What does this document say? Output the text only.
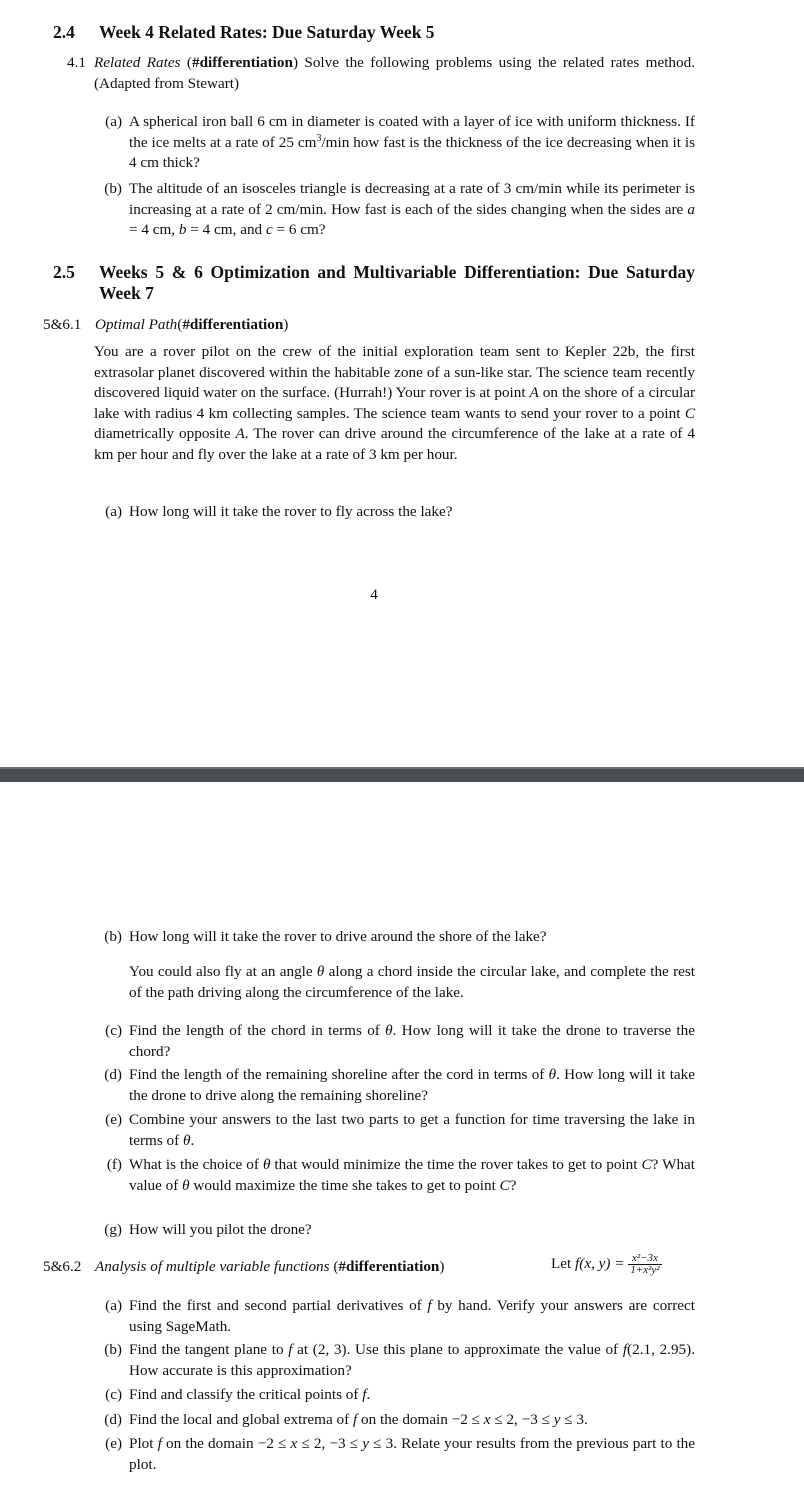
2.4 Week 4 Related Rates: Due Saturday Week 5
4.1 Related Rates (#differentiation) Solve the following problems using the related rates method. (Adapted from Stewart)
(a) A spherical iron ball 6 cm in diameter is coated with a layer of ice with uniform thickness. If the ice melts at a rate of 25 $cm^3/\min$ how fast is the thickness of the ice decreasing when it is 4 cm thick?
(b) The altitude of an isosceles triangle is decreasing at a rate of 3 cm/min while its perimeter is increasing at a rate of 2 cm/min. How fast is each of the sides changing when the sides are a = 4 cm, b = 4 cm, and c = 6 cm?
2.5 Weeks 5 & 6 Optimization and Multivariable Differentiation: Due Saturday Week 7
5&6.1 Optimal Path(#differentiation)
You are a rover pilot on the crew of the initial exploration team sent to Kepler 22b, the first extrasolar planet discovered within the habitable zone of a sun-like star. The science team recently discovered liquid water on the surface. (Hurrah!) Your rover is at point A on the shore of a circular lake with radius 4 km collecting samples. The science team wants to send your rover to a point C diametrically opposite A. The rover can drive around the circumference of the lake at a rate of 4 km per hour and fly over the lake at a rate of 3 km per hour.
(a) How long will it take the rover to fly across the lake?
4
(b) How long will it take the rover to drive around the shore of the lake?
You could also fly at an angle θ along a chord inside the circular lake, and complete the rest of the path driving along the circumference of the lake.
(c) Find the length of the chord in terms of θ. How long will it take the drone to traverse the chord?
(d) Find the length of the remaining shoreline after the cord in terms of θ. How long will it take the drone to drive along the remaining shoreline?
(e) Combine your answers to the last two parts to get a function for time traversing the lake in terms of θ.
(f) What is the choice of θ that would minimize the time the rover takes to get to point C? What value of θ would maximize the time she takes to get to point C?
(g) How will you pilot the drone?
5&6.2 Analysis of multiple variable functions (#differentiation)	Let f(x, $y) = \frac{\text{x²−3x}}{\text{1+x²y²}}$
(a) Find the first and second partial derivatives of f by hand. Verify your answers are correct using SageMath.
(b) Find the tangent plane to f at (2, 3). Use this plane to approximate the value of f(2.1, 2.95). How accurate is this approximation?
(c) Find and classify the critical points of f.
(d) Find the local and global extrema of f on the domain −2 ≤ x ≤ 2, −3 ≤ y ≤ 3.
(e) Plot f on the domain −2 ≤ x ≤ 2, −3 ≤ y ≤ 3. Relate your results from the previous part to the plot.
